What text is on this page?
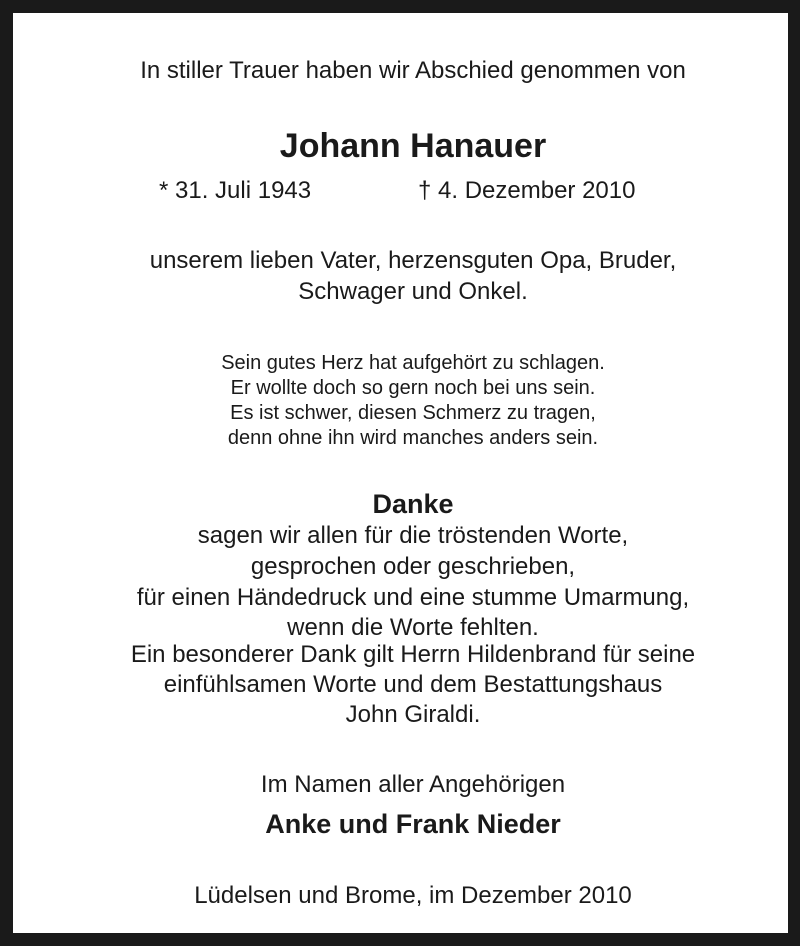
In stiller Trauer haben wir Abschied genommen von
Johann Hanauer
* 31. Juli 1943	† 4. Dezember 2010
unserem lieben Vater, herzensguten Opa, Bruder,
Schwager und Onkel.
Sein gutes Herz hat aufgehört zu schlagen.
Er wollte doch so gern noch bei uns sein.
Es ist schwer, diesen Schmerz zu tragen,
denn ohne ihn wird manches anders sein.
Danke
sagen wir allen für die tröstenden Worte,
gesprochen oder geschrieben,
für einen Händedruck und eine stumme Umarmung,
wenn die Worte fehlten.
Ein besonderer Dank gilt Herrn Hildenbrand für seine
einfühlsamen Worte und dem Bestattungshaus
John Giraldi.
Im Namen aller Angehörigen
Anke und Frank Nieder
Lüdelsen und Brome, im Dezember 2010
